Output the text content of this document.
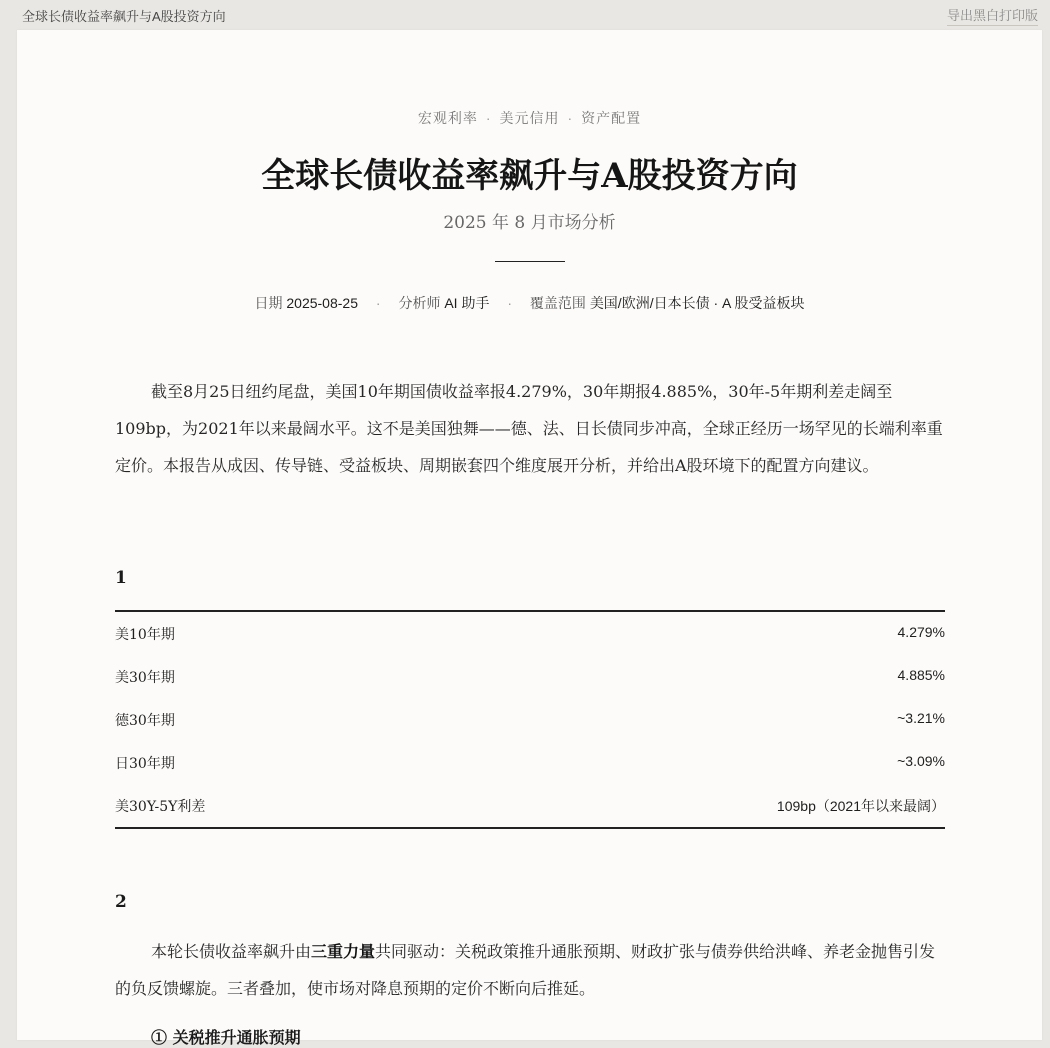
全球长债收益率飙升与A股投资方向	导出黑白打印版
宏观利率 · 美元信用 · 资产配置
全球长债收益率飙升与A股投资方向
2025 年 8 月市场分析
日期 2025-08-25 · 分析师 AI 助手 · 覆盖范围 美国/欧洲/日本长债 · A 股受益板块

截至8月25日纽约尾盘，美国10年期国债收益率报4.279%，30年期报4.885%，30年-5年期利差走阔至109bp，为2021年以来最阔水平。这不是美国独舞——德、法、日长债同步冲高，全球正经历一场罕见的长端利率重定价。本报告从成因、传导链、受益板块、周期嵌套四个维度展开分析，并给出A股环境下的配置方向建议。

1
美10年期	4.279%
美30年期	4.885%
德30年期	~3.21%
日30年期	~3.09%
美30Y-5Y利差	109bp（2021年以来最阔）
2

本轮长债收益率飙升由三重力量共同驱动：关税政策推升通胀预期、财政扩张与债券供给洪峰、养老金抛售引发的负反馈螺旋。三者叠加，使市场对降息预期的定价不断向后推延。

① 关税推升通胀预期
